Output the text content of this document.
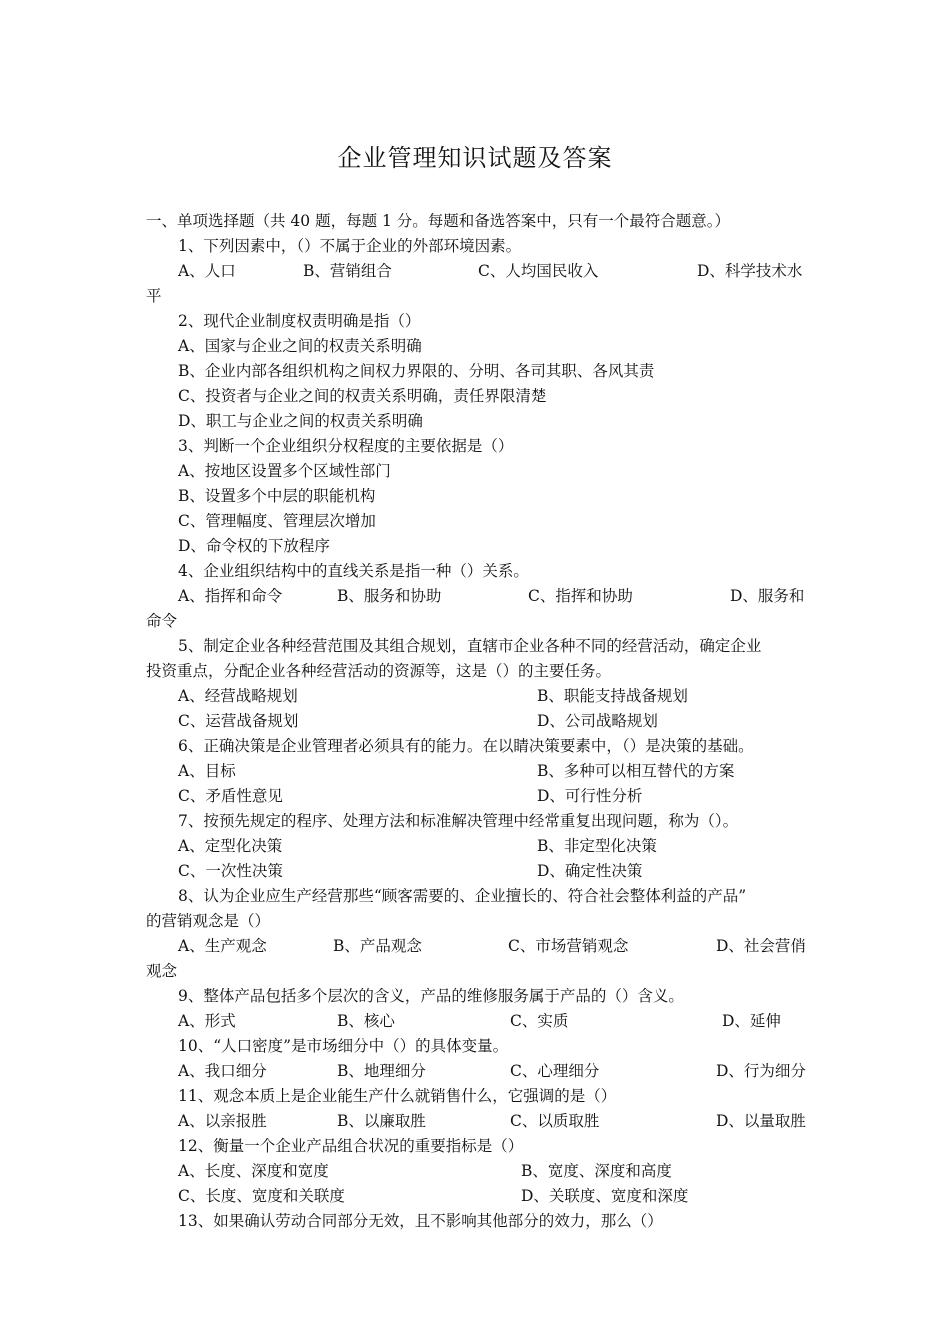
企业管理知识试题及答案
一、单项选择题（共 40 题，每题 1 分。每题和备选答案中，只有一个最符合题意。）
1、下列因素中，（）不属于企业的外部环境因素。
A、人口	B、营销组合	C、人均国民收入	D、科学技术水
平
2、现代企业制度权责明确是指（）
A、国家与企业之间的权责关系明确
B、企业内部各组织机构之间权力界限的、分明、各司其职、各风其责
C、投资者与企业之间的权责关系明确，责任界限清楚
D、职工与企业之间的权责关系明确
3、判断一个企业组织分权程度的主要依据是（）
A、按地区设置多个区域性部门
B、设置多个中层的职能机构
C、管理幅度、管理层次增加
D、命令权的下放程序
4、企业组织结构中的直线关系是指一种（）关系。
A、指挥和命令	B、服务和协助	C、指挥和协助	D、服务和
命令
5、制定企业各种经营范围及其组合规划，直辖市企业各种不同的经营活动，确定企业
投资重点，分配企业各种经营活动的资源等，这是（）的主要任务。
A、经营战略规划	B、职能支持战备规划
C、运营战备规划	D、公司战略规划
6、正确决策是企业管理者必须具有的能力。在以睛决策要素中，（）是决策的基础。
A、目标	B、多种可以相互替代的方案
C、矛盾性意见	D、可行性分析
7、按预先规定的程序、处理方法和标准解决管理中经常重复出现问题，称为（）。
A、定型化决策	B、非定型化决策
C、一次性决策	D、确定性决策
8、认为企业应生产经营那些“顾客需要的、企业擅长的、符合社会整体利益的产品”
的营销观念是（）
A、生产观念	B、产品观念	C、市场营销观念	D、社会营俏
观念
9、整体产品包括多个层次的含义，产品的维修服务属于产品的（）含义。
A、形式	B、核心	C、实质	D、延伸
10、“人口密度”是市场细分中（）的具体变量。
A、我口细分	B、地理细分	C、心理细分	D、行为细分
11、观念本质上是企业能生产什么就销售什么，它强调的是（）
A、以亲报胜	B、以廉取胜	C、以质取胜	D、以量取胜
12、衡量一个企业产品组合状况的重要指标是（）
A、长度、深度和宽度	B、宽度、深度和高度
C、长度、宽度和关联度	D、关联度、宽度和深度
13、如果确认劳动合同部分无效，且不影响其他部分的效力，那么（）
